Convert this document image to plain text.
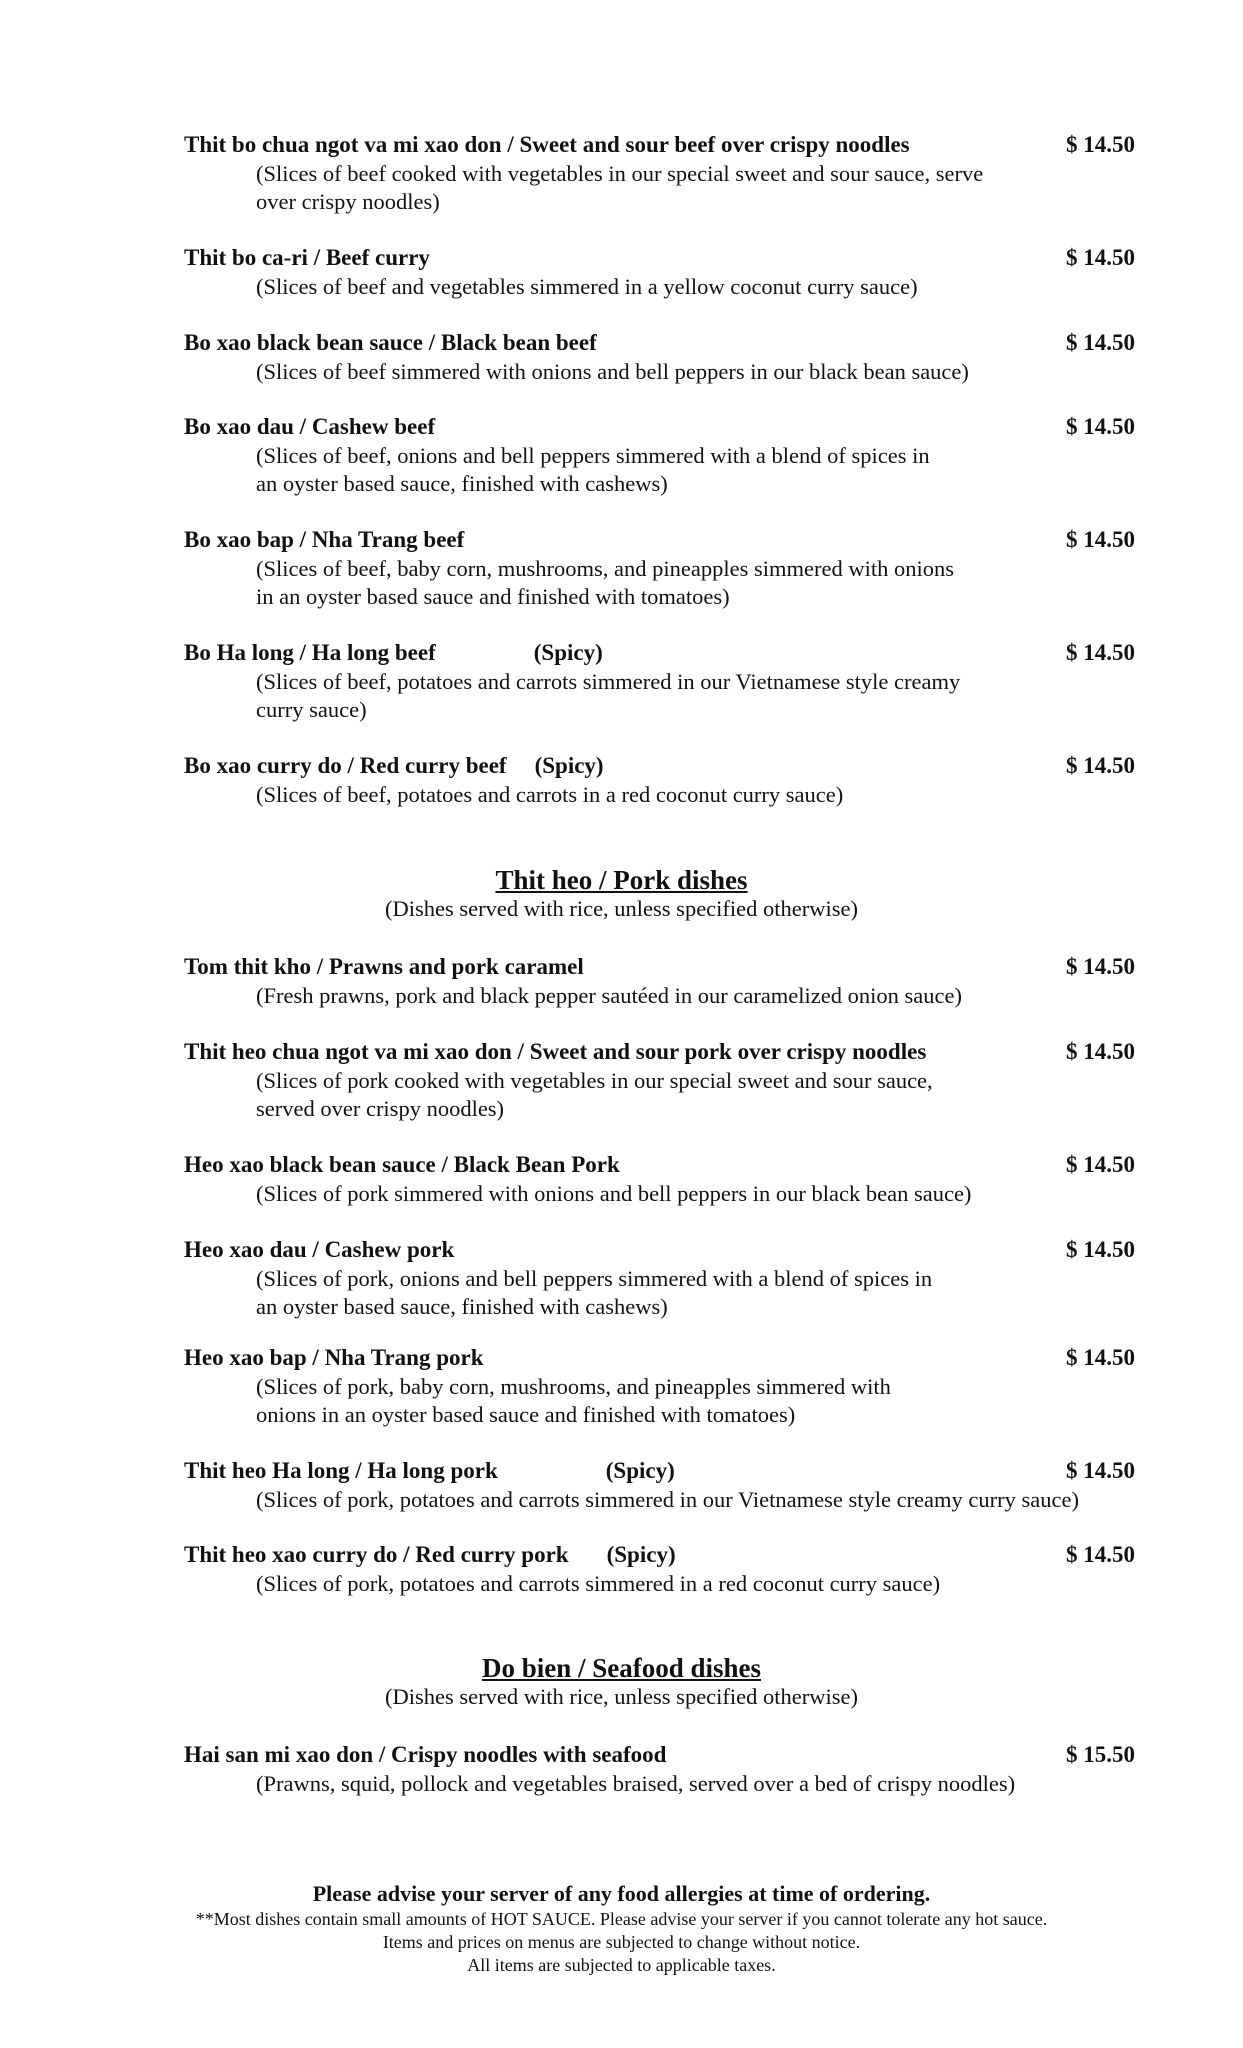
Thit bo chua ngot va mi xao don / Sweet and sour beef over crispy noodles	$ 14.50
(Slices of beef cooked with vegetables in our special sweet and sour sauce, serve
over crispy noodles)
Thit bo ca-ri / Beef curry	$ 14.50
(Slices of beef and vegetables simmered in a yellow coconut curry sauce)
Bo xao black bean sauce / Black bean beef	$ 14.50
(Slices of beef simmered with onions and bell peppers in our black bean sauce)
Bo xao dau / Cashew beef	$ 14.50
(Slices of beef, onions and bell peppers simmered with a blend of spices in
an oyster based sauce, finished with cashews)
Bo xao bap / Nha Trang beef	$ 14.50
(Slices of beef, baby corn, mushrooms, and pineapples simmered with onions
in an oyster based sauce and finished with tomatoes)
Bo Ha long / Ha long beef	(Spicy)	$ 14.50
(Slices of beef, potatoes and carrots simmered in our Vietnamese style creamy
curry sauce)
Bo xao curry do / Red curry beef (Spicy)	$ 14.50
(Slices of beef, potatoes and carrots in a red coconut curry sauce)
Thit heo / Pork dishes
(Dishes served with rice, unless specified otherwise)
Tom thit kho / Prawns and pork caramel	$ 14.50
(Fresh prawns, pork and black pepper sautéed in our caramelized onion sauce)
Thit heo chua ngot va mi xao don / Sweet and sour pork over crispy noodles	$ 14.50
(Slices of pork cooked with vegetables in our special sweet and sour sauce,
served over crispy noodles)
Heo xao black bean sauce / Black Bean Pork	$ 14.50
(Slices of pork simmered with onions and bell peppers in our black bean sauce)
Heo xao dau / Cashew pork	$ 14.50
(Slices of pork, onions and bell peppers simmered with a blend of spices in
an oyster based sauce, finished with cashews)
Heo xao bap / Nha Trang pork	$ 14.50
(Slices of pork, baby corn, mushrooms, and pineapples simmered with
onions in an oyster based sauce and finished with tomatoes)
Thit heo Ha long / Ha long pork	(Spicy)	$ 14.50
(Slices of pork, potatoes and carrots simmered in our Vietnamese style creamy curry sauce)
Thit heo xao curry do / Red curry pork (Spicy)	$ 14.50
(Slices of pork, potatoes and carrots simmered in a red coconut curry sauce)
Do bien / Seafood dishes
(Dishes served with rice, unless specified otherwise)
Hai san mi xao don / Crispy noodles with seafood	$ 15.50
(Prawns, squid, pollock and vegetables braised, served over a bed of crispy noodles)
Please advise your server of any food allergies at time of ordering.
**Most dishes contain small amounts of HOT SAUCE. Please advise your server if you cannot tolerate any hot sauce.
Items and prices on menus are subjected to change without notice.
All items are subjected to applicable taxes.
